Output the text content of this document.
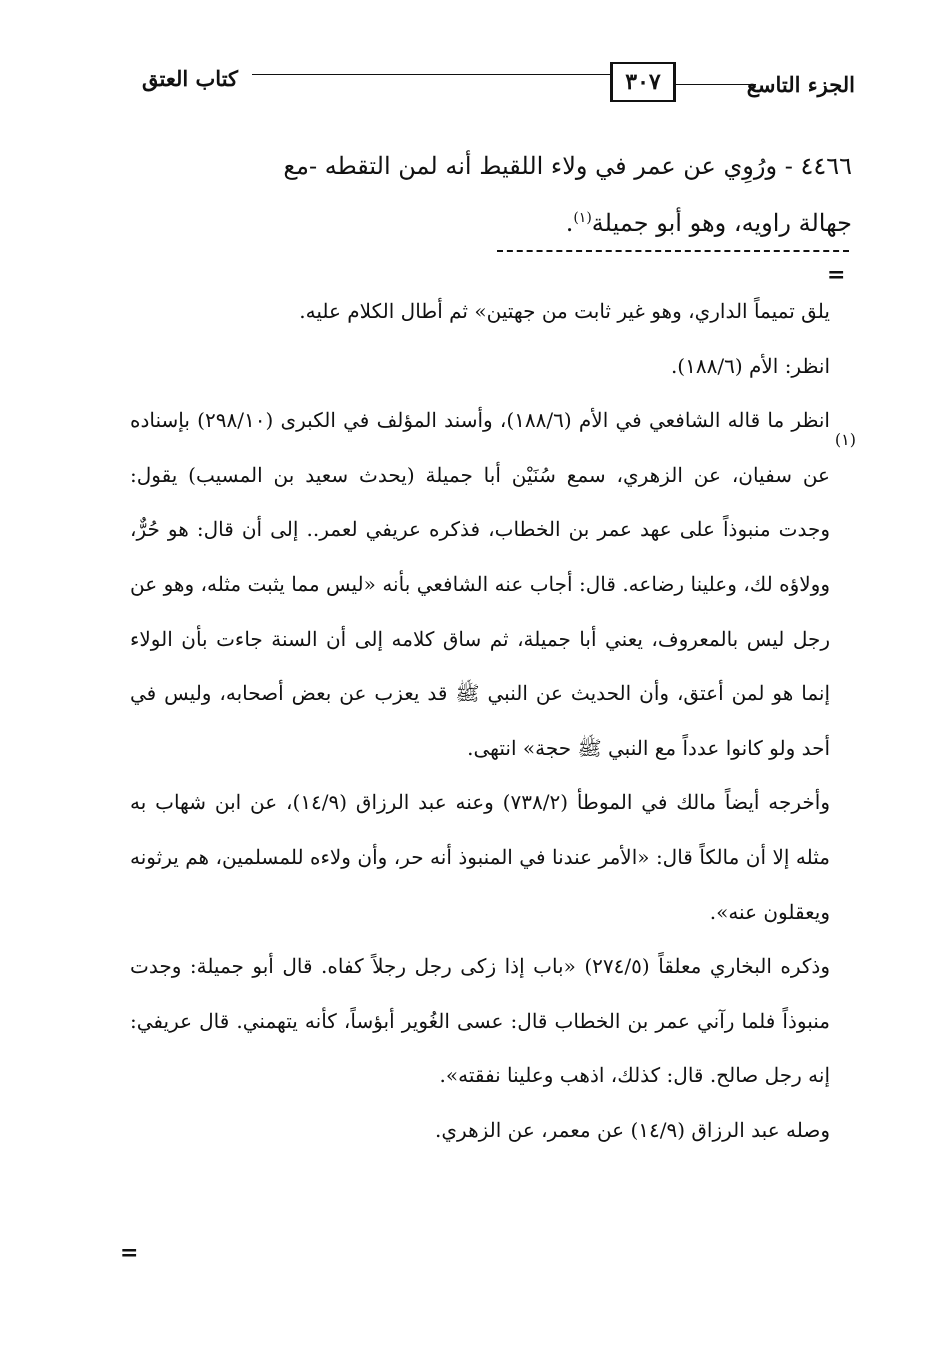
الجزء التاسع
٣٠٧
كتاب العتق
٤٤٦٦ - ورُوِي عن عمر في ولاء اللقيط أنه لمن التقطه -مع
جهالة راويه، وهو أبو جميلة$^{(١)}$.
=

يلق تميماً الداري، وهو غير ثابت من جهتين» ثم أطال الكلام عليه.

انظر: الأم (١٨٨/٦).

(١)
انظر ما قاله الشافعي في الأم (١٨٨/٦)، وأسند المؤلف في الكبرى (٢٩٨/١٠) بإسناده عن سفيان، عن الزهري، سمع سُنَيْن أبا جميلة (يحدث سعيد بن المسيب) يقول: وجدت منبوذاً على عهد عمر بن الخطاب، فذكره عريفي لعمر.. إلى أن قال: هو حُرٌّ، وولاؤه لك، وعلينا رضاعه. قال: أجاب عنه الشافعي بأنه «ليس مما يثبت مثله، وهو عن رجل ليس بالمعروف، يعني أبا جميلة، ثم ساق كلامه إلى أن السنة جاءت بأن الولاء إنما هو لمن أعتق، وأن الحديث عن النبي ﷺ قد يعزب عن بعض أصحابه، وليس في أحد ولو كانوا عدداً مع النبي ﷺ حجة» انتهى.

وأخرجه أيضاً مالك في الموطأ (٧٣٨/٢) وعنه عبد الرزاق (١٤/٩)، عن ابن شهاب به مثله إلا أن مالكاً قال: «الأمر عندنا في المنبوذ أنه حر، وأن ولاءه للمسلمين، هم يرثونه ويعقلون عنه».

وذكره البخاري معلقاً (٢٧٤/٥) «باب إذا زكى رجل رجلاً كفاه. قال أبو جميلة: وجدت منبوذاً فلما رآني عمر بن الخطاب قال: عسى الغُوير أبؤساً، كأنه يتهمني. قال عريفي: إنه رجل صالح. قال: كذلك، اذهب وعلينا نفقته».

وصله عبد الرزاق (١٤/٩) عن معمر، عن الزهري.

=
